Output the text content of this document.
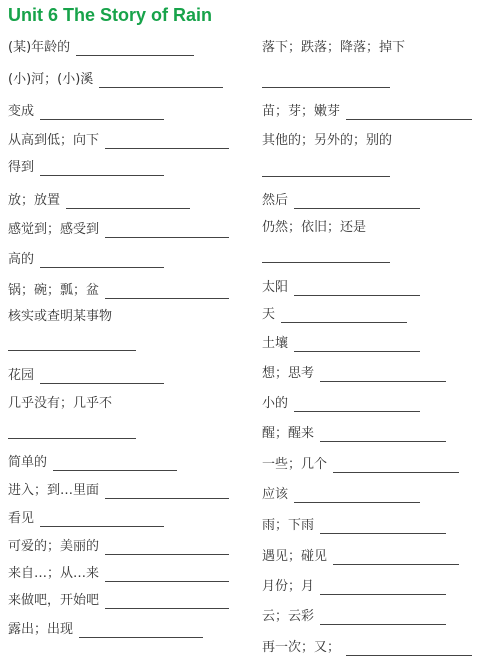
Unit 6 The Story of Rain
(某)年龄的
(小)河；(小)溪
变成
从高到低；向下
得到
放；放置
感觉到；感受到
高的
锅；碗；瓢；盆
核实或查明某事物
花园
几乎没有；几乎不
简单的
进入；到…里面
看见
可爱的；美丽的
来自…；从…来
来做吧，开始吧
露出；出现
落下；跌落；降落；掉下
苗；芽；嫩芽
其他的；另外的；别的
然后
仍然；依旧；还是
太阳
天
土壤
想；思考
小的
醒；醒来
一些；几个
应该
雨；下雨
遇见；碰见
月份；月
云；云彩
再一次；又；
